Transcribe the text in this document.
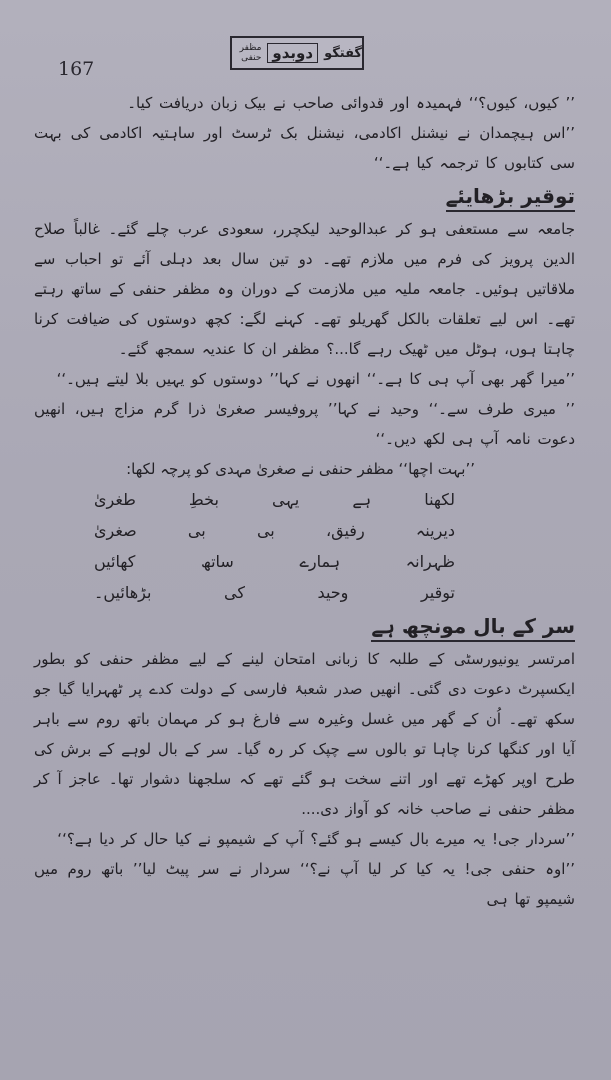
167
گفتگو
دوبدو
مظفر حنفی

’’ کیوں، کیوں؟‘‘ فہمیدہ اور قدوائی صاحب نے بیک زبان دریافت کیا۔

’’اس ہیچمدان نے نیشنل اکادمی، نیشنل بک ٹرسٹ اور ساہتیہ اکادمی کی بہت سی کتابوں کا ترجمہ کیا ہے۔‘‘

توقیر بڑھایئے

جامعہ سے مستعفی ہو کر عبدالوحید لیکچرر، سعودی عرب چلے گئے۔ غالباً صلاح الدین پرویز کی فرم میں ملازم تھے۔ دو تین سال بعد دہلی آئے تو احباب سے ملاقاتیں ہوئیں۔ جامعہ ملیہ میں ملازمت کے دوران وہ مظفر حنفی کے ساتھ رہتے تھے۔ اس لیے تعلقات بالکل گھریلو تھے۔ کہنے لگے: کچھ دوستوں کی ضیافت کرنا چاہتا ہوں، ہوٹل میں ٹھیک رہے گا...؟ مظفر ان کا عندیہ سمجھ گئے۔

’’میرا گھر بھی آپ ہی کا ہے۔‘‘ انھوں نے کہا’’ دوستوں کو یہیں بلا لیتے ہیں۔‘‘

’’ میری طرف سے۔‘‘ وحید نے کہا’’ پروفیسر صغریٰ ذرا گرم مزاج ہیں، انھیں دعوت نامہ آپ ہی لکھ دیں۔‘‘

’’بہت اچھا‘‘ مظفر حنفی نے صغریٰ مہدی کو پرچہ لکھا:

لکھنا ہے یہی بخطِ طغریٰ
دیرینہ رفیق، بی بی صغریٰ
ظہرانہ ہمارے ساتھ کھائیں
توقیر وحید کی بڑھائیں۔
سر کے بال مونچھ ہے

امرتسر یونیورسٹی کے طلبہ کا زبانی امتحان لینے کے لیے مظفر حنفی کو بطور ایکسپرٹ دعوت دی گئی۔ انھیں صدر شعبۂ فارسی کے دولت کدے پر ٹھہرایا گیا جو سکھ تھے۔ اُن کے گھر میں غسل وغیرہ سے فارغ ہو کر مہمان باتھ روم سے باہر آیا اور کنگھا کرنا چاہا تو بالوں سے چپک کر رہ گیا۔ سر کے بال لوہے کے برش کی طرح اوپر کھڑے تھے اور اتنے سخت ہو گئے تھے کہ سلجھنا دشوار تھا۔ عاجز آ کر مظفر حنفی نے صاحب خانہ کو آواز دی....

’’سردار جی! یہ میرے بال کیسے ہو گئے؟ آپ کے شیمپو نے کیا حال کر دیا ہے؟‘‘

’’اوہ حنفی جی! یہ کیا کر لیا آپ نے؟‘‘ سردار نے سر پیٹ لیا’’ باتھ روم میں شیمپو تھا ہی
